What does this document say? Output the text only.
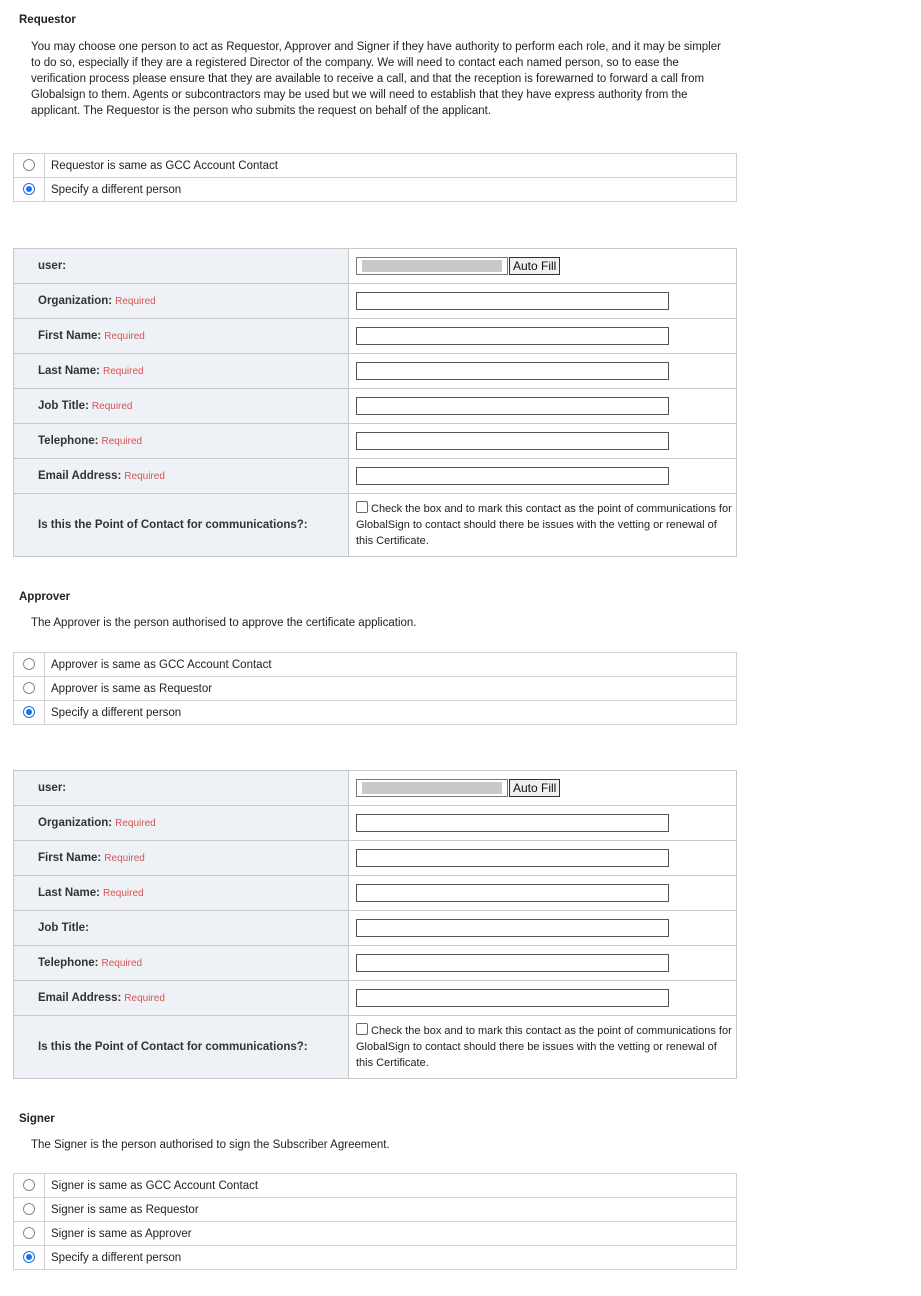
Requestor
You may choose one person to act as Requestor, Approver and Signer if they have authority to perform each role, and it may be simpler to do so, especially if they are a registered Director of the company. We will need to contact each named person, so to ease the verification process please ensure that they are available to receive a call, and that the reception is forewarned to forward a call from Globalsign to them. Agents or subcontractors may be used but we will need to establish that they have express authority from the applicant. The Requestor is the person who submits the request on behalf of the applicant.
	Requestor is same as GCC Account Contact
	Specify a different person
user:	Auto Fill
Organization: Required	
First Name: Required	
Last Name: Required	
Job Title: Required	
Telephone: Required	
Email Address: Required	
Is this the Point of Contact for communications?:	Check the box and to mark this contact as the point of communications for GlobalSign to contact should there be issues with the vetting or renewal of this Certificate.
Approver
The Approver is the person authorised to approve the certificate application.
	Approver is same as GCC Account Contact
	Approver is same as Requestor
	Specify a different person
user:	Auto Fill
Organization: Required	
First Name: Required	
Last Name: Required	
Job Title:	
Telephone: Required	
Email Address: Required	
Is this the Point of Contact for communications?:	Check the box and to mark this contact as the point of communications for GlobalSign to contact should there be issues with the vetting or renewal of this Certificate.
Signer
The Signer is the person authorised to sign the Subscriber Agreement.
	Signer is same as GCC Account Contact
	Signer is same as Requestor
	Signer is same as Approver
	Specify a different person
